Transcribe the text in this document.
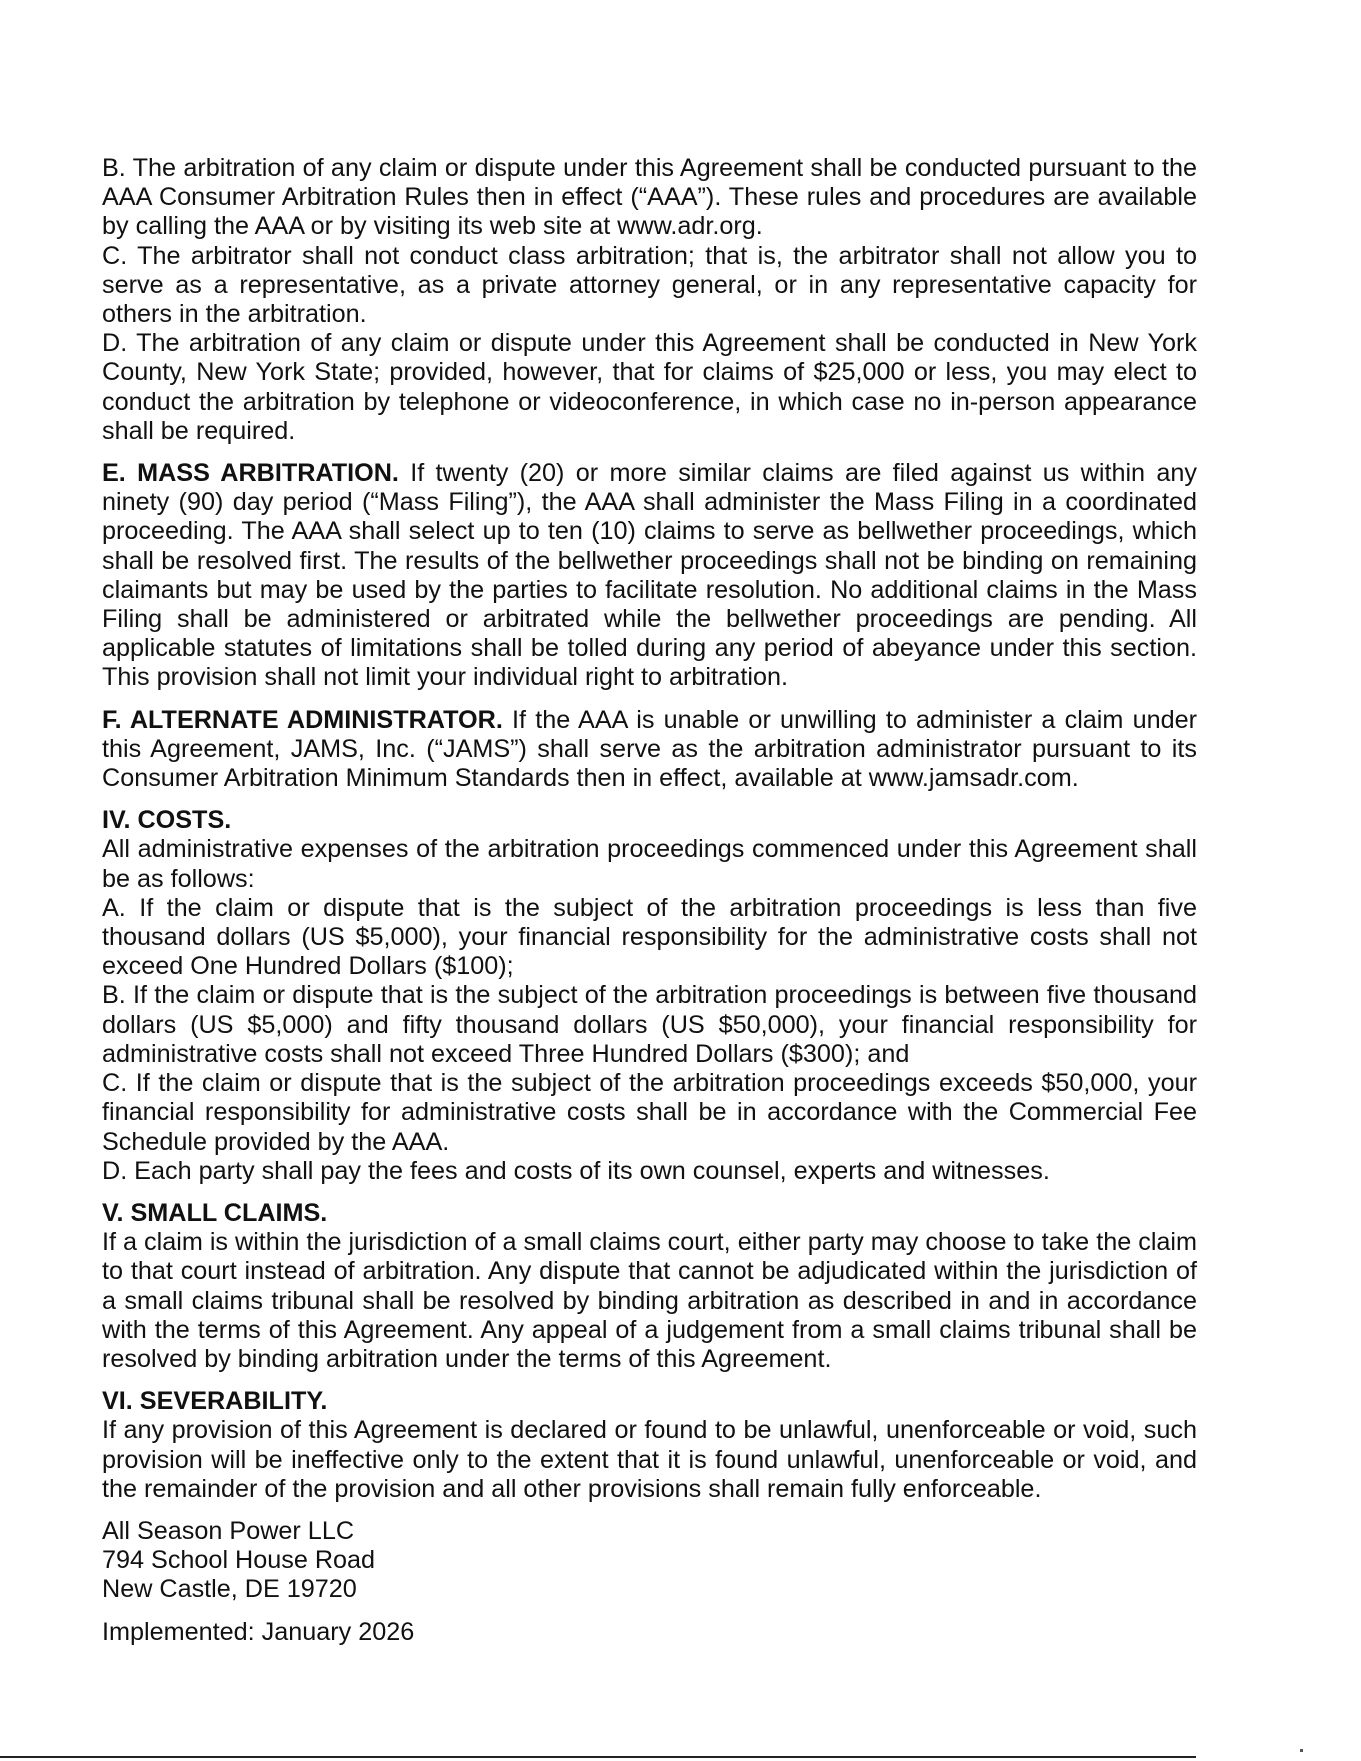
B. The arbitration of any claim or dispute under this Agreement shall be conducted pursuant to the AAA Consumer Arbitration Rules then in effect (“AAA”). These rules and procedures are available by calling the AAA or by visiting its web site at www.adr.org.

C. The arbitrator shall not conduct class arbitration; that is, the arbitrator shall not allow you to serve as a representative, as a private attorney general, or in any representative capacity for others in the arbitration.

D. The arbitration of any claim or dispute under this Agreement shall be conducted in New York County, New York State; provided, however, that for claims of $25,000 or less, you may elect to conduct the arbitration by telephone or videoconference, in which case no in-person appearance shall be required.

E. MASS ARBITRATION. If twenty (20) or more similar claims are filed against us within any ninety (90) day period (“Mass Filing”), the AAA shall administer the Mass Filing in a coordinated proceeding. The AAA shall select up to ten (10) claims to serve as bellwether proceedings, which shall be resolved first. The results of the bellwether proceedings shall not be binding on remaining claimants but may be used by the parties to facilitate resolution. No additional claims in the Mass Filing shall be administered or arbitrated while the bellwether proceedings are pending. All applicable statutes of limitations shall be tolled during any period of abeyance under this section. This provision shall not limit your individual right to arbitration.

F. ALTERNATE ADMINISTRATOR. If the AAA is unable or unwilling to administer a claim under this Agreement, JAMS, Inc. (“JAMS”) shall serve as the arbitration administrator pursuant to its Consumer Arbitration Minimum Standards then in effect, available at www.jamsadr.com.

IV. COSTS.

All administrative expenses of the arbitration proceedings commenced under this Agreement shall be as follows:

A. If the claim or dispute that is the subject of the arbitration proceedings is less than five thousand dollars (US $5,000), your financial responsibility for the administrative costs shall not exceed One Hundred Dollars ($100);

B. If the claim or dispute that is the subject of the arbitration proceedings is between five thousand dollars (US $5,000) and fifty thousand dollars (US $50,000), your financial responsibility for administrative costs shall not exceed Three Hundred Dollars ($300); and

C. If the claim or dispute that is the subject of the arbitration proceedings exceeds $50,000, your financial responsibility for administrative costs shall be in accordance with the Commercial Fee Schedule provided by the AAA.

D. Each party shall pay the fees and costs of its own counsel, experts and witnesses.

V. SMALL CLAIMS.

If a claim is within the jurisdiction of a small claims court, either party may choose to take the claim to that court instead of arbitration. Any dispute that cannot be adjudicated within the jurisdiction of a small claims tribunal shall be resolved by binding arbitration as described in and in accordance with the terms of this Agreement. Any appeal of a judgement from a small claims tribunal shall be resolved by binding arbitration under the terms of this Agreement.

VI. SEVERABILITY.

If any provision of this Agreement is declared or found to be unlawful, unenforceable or void, such provision will be ineffective only to the extent that it is found unlawful, unenforceable or void, and the remainder of the provision and all other provisions shall remain fully enforceable.

All Season Power LLC
794 School House Road
New Castle, DE 19720
Implemented: January 2026
